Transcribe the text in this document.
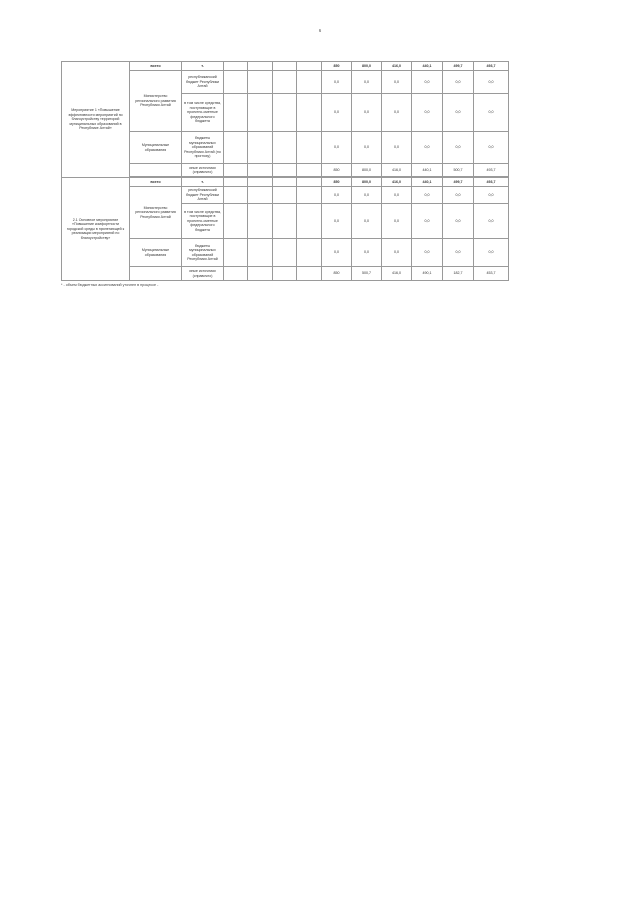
6
Мероприятие 1 «Повышение эффективности мероприятий по благоустройству территорий муниципальных образований в Республике Алтай»	всего	т.					850	800,0	416,0	440,1	499,7	493,7
	Министерство регионального развития Республики Алтай	республиканский бюджет Республики Алтай					0,0	0,0	0,0	0,0	0,0	0,0
		в том числе средства, поступающие в проектно-сметные федерального бюджета					0,0	0,0	0,0	0,0	0,0	0,0
	Муниципальные образования	бюджеты муниципальных образований Республики Алтай (по прогнозу)					0,0	0,0	0,0	0,0	0,0	0,0
		иные источники (справочно)					850	800,0	416,0	440,1	500,7	493,7

2.1 Основное мероприятие «Повышение комфортности городской среды в прилегающей к реализации мероприятий по благоустройству»	всего	т.					850	800,0	416,0	440,1	499,7	493,7
	Министерство регионального развития Республики Алтай	республиканский бюджет Республики Алтай					0,0	0,0	0,0	0,0	0,0	0,0
		в том числе средства, поступающие в проектно-сметные федерального бюджета					0,0	0,0	0,0	0,0	0,0	0,0
	Муниципальные образования	бюджеты муниципальных образований Республики Алтай					0,0	0,0	0,0	0,0	0,0	0,0
		иные источники (справочно)					850	500,7	416,0	490,1	182,7	453,7
* - объем бюджетных ассигнований уточнен в процессе -
